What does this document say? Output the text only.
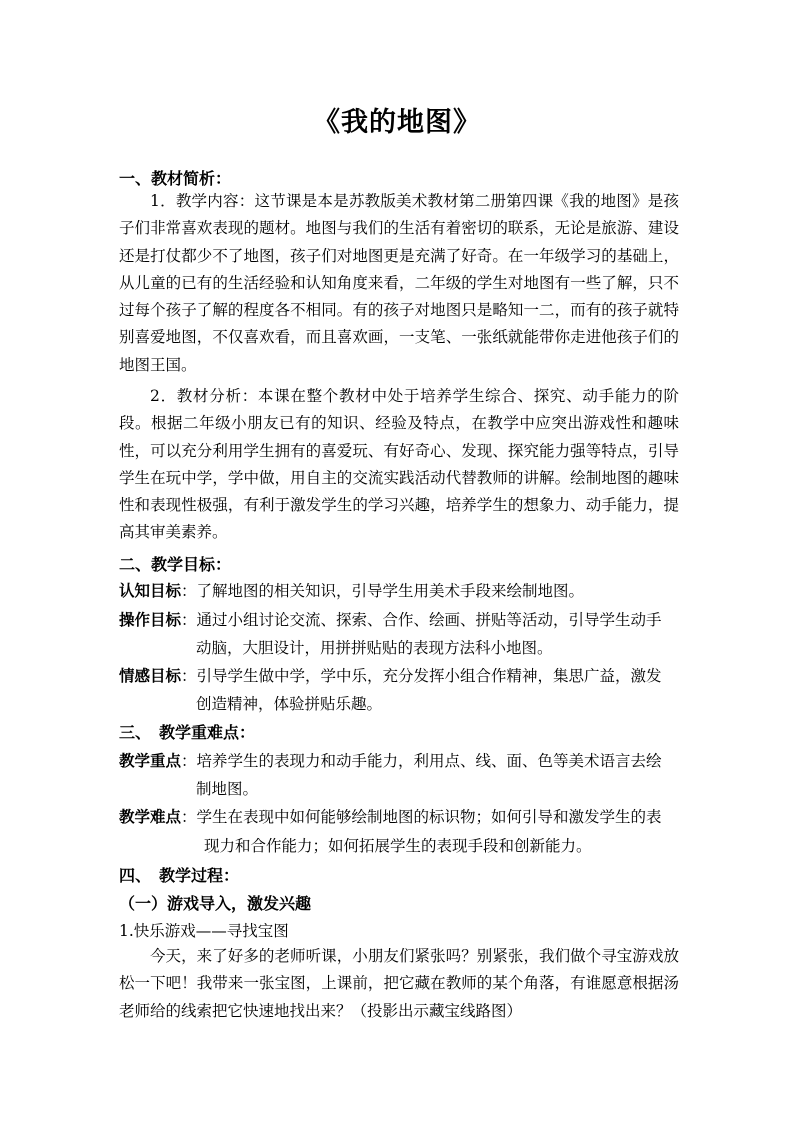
《我的地图》
一、教材简析：
1．教学内容：这节课是本是苏教版美术教材第二册第四课《我的地图》是孩子们非常喜欢表现的题材。地图与我们的生活有着密切的联系，无论是旅游、建设还是打仗都少不了地图，孩子们对地图更是充满了好奇。在一年级学习的基础上，从儿童的已有的生活经验和认知角度来看，二年级的学生对地图有一些了解，只不过每个孩子了解的程度各不相同。有的孩子对地图只是略知一二，而有的孩子就特别喜爱地图，不仅喜欢看，而且喜欢画，一支笔、一张纸就能带你走进他孩子们的地图王国。
2．教材分析：本课在整个教材中处于培养学生综合、探究、动手能力的阶段。根据二年级小朋友已有的知识、经验及特点，在教学中应突出游戏性和趣味性，可以充分利用学生拥有的喜爱玩、有好奇心、发现、探究能力强等特点，引导学生在玩中学，学中做，用自主的交流实践活动代替教师的讲解。绘制地图的趣味性和表现性极强，有利于激发学生的学习兴趣，培养学生的想象力、动手能力，提高其审美素养。
二、教学目标：
认知目标：了解地图的相关知识，引导学生用美术手段来绘制地图。
操作目标：通过小组讨论交流、探索、合作、绘画、拼贴等活动，引导学生动手
动脑，大胆设计，用拼拼贴贴的表现方法科小地图。
情感目标：引导学生做中学，学中乐，充分发挥小组合作精神，集思广益，激发
创造精神，体验拼贴乐趣。
三、　教学重难点：
教学重点：培养学生的表现力和动手能力，利用点、线、面、色等美术语言去绘
制地图。
教学难点：学生在表现中如何能够绘制地图的标识物；如何引导和激发学生的表
现力和合作能力；如何拓展学生的表现手段和创新能力。
四、　教学过程：
（一）游戏导入，激发兴趣
1.快乐游戏——寻找宝图
今天，来了好多的老师听课，小朋友们紧张吗？别紧张，我们做个寻宝游戏放松一下吧！我带来一张宝图，上课前，把它藏在教师的某个角落，有谁愿意根据汤老师给的线索把它快速地找出来？（投影出示藏宝线路图）
